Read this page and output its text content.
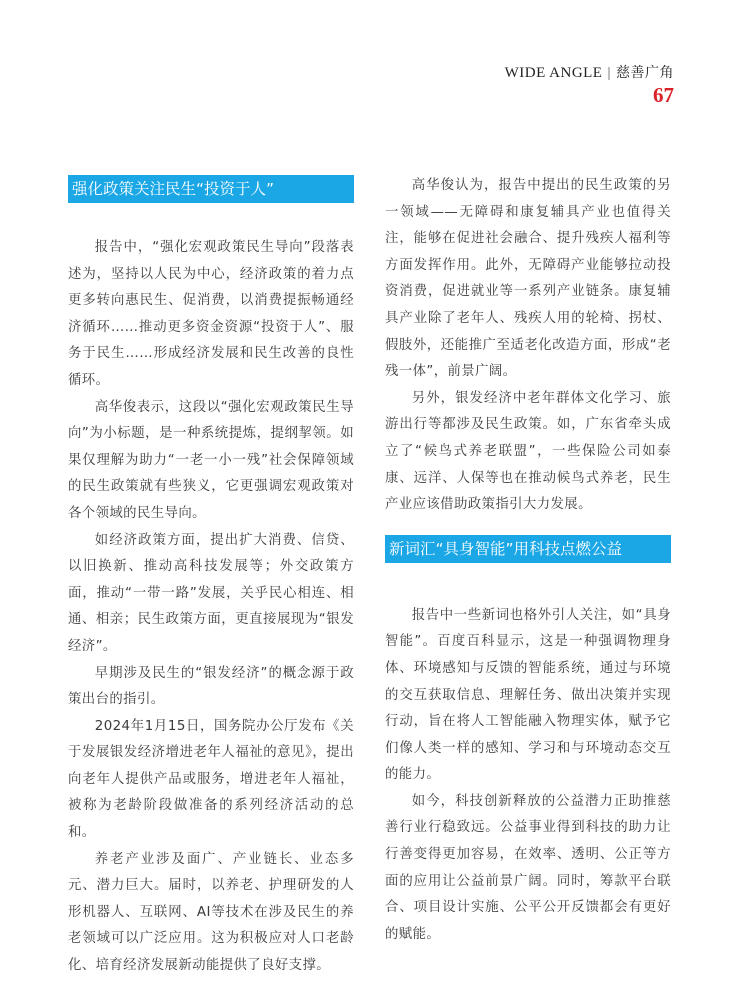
WIDE ANGLE | 慈善广角
67
强化政策关注民生“投资于人”

报告中，“强化宏观政策民生导向”段落表述为，坚持以人民为中心，经济政策的着力点更多转向惠民生、促消费，以消费提振畅通经济循环……推动更多资金资源“投资于人”、服务于民生……形成经济发展和民生改善的良性循环。

高华俊表示，这段以“强化宏观政策民生导向”为小标题，是一种系统提炼，提纲挈领。如果仅理解为助力“一老一小一残”社会保障领域的民生政策就有些狭义，它更强调宏观政策对各个领域的民生导向。

如经济政策方面，提出扩大消费、信贷、以旧换新、推动高科技发展等；外交政策方面，推动“一带一路”发展，关乎民心相连、相通、相亲；民生政策方面，更直接展现为“银发经济”。

早期涉及民生的“银发经济”的概念源于政策出台的指引。

2024年1月15日，国务院办公厅发布《关于发展银发经济增进老年人福祉的意见》，提出向老年人提供产品或服务，增进老年人福祉，被称为老龄阶段做准备的系列经济活动的总和。

养老产业涉及面广、产业链长、业态多元、潜力巨大。届时，以养老、护理研发的人形机器人、互联网、AI等技术在涉及民生的养老领域可以广泛应用。这为积极应对人口老龄化、培育经济发展新动能提供了良好支撑。

高华俊认为，报告中提出的民生政策的另一领域——无障碍和康复辅具产业也值得关注，能够在促进社会融合、提升残疾人福利等方面发挥作用。此外，无障碍产业能够拉动投资消费，促进就业等一系列产业链条。康复辅具产业除了老年人、残疾人用的轮椅、拐杖、假肢外，还能推广至适老化改造方面，形成“老残一体”，前景广阔。

另外，银发经济中老年群体文化学习、旅游出行等都涉及民生政策。如，广东省牵头成立了“候鸟式养老联盟”，一些保险公司如泰康、远洋、人保等也在推动候鸟式养老，民生产业应该借助政策指引大力发展。

新词汇“具身智能”用科技点燃公益

报告中一些新词也格外引人关注，如“具身智能”。百度百科显示，这是一种强调物理身体、环境感知与反馈的智能系统，通过与环境的交互获取信息、理解任务、做出决策并实现行动，旨在将人工智能融入物理实体，赋予它们像人类一样的感知、学习和与环境动态交互的能力。

如今，科技创新释放的公益潜力正助推慈善行业行稳致远。公益事业得到科技的助力让行善变得更加容易，在效率、透明、公正等方面的应用让公益前景广阔。同时，筹款平台联合、项目设计实施、公平公开反馈都会有更好的赋能。
